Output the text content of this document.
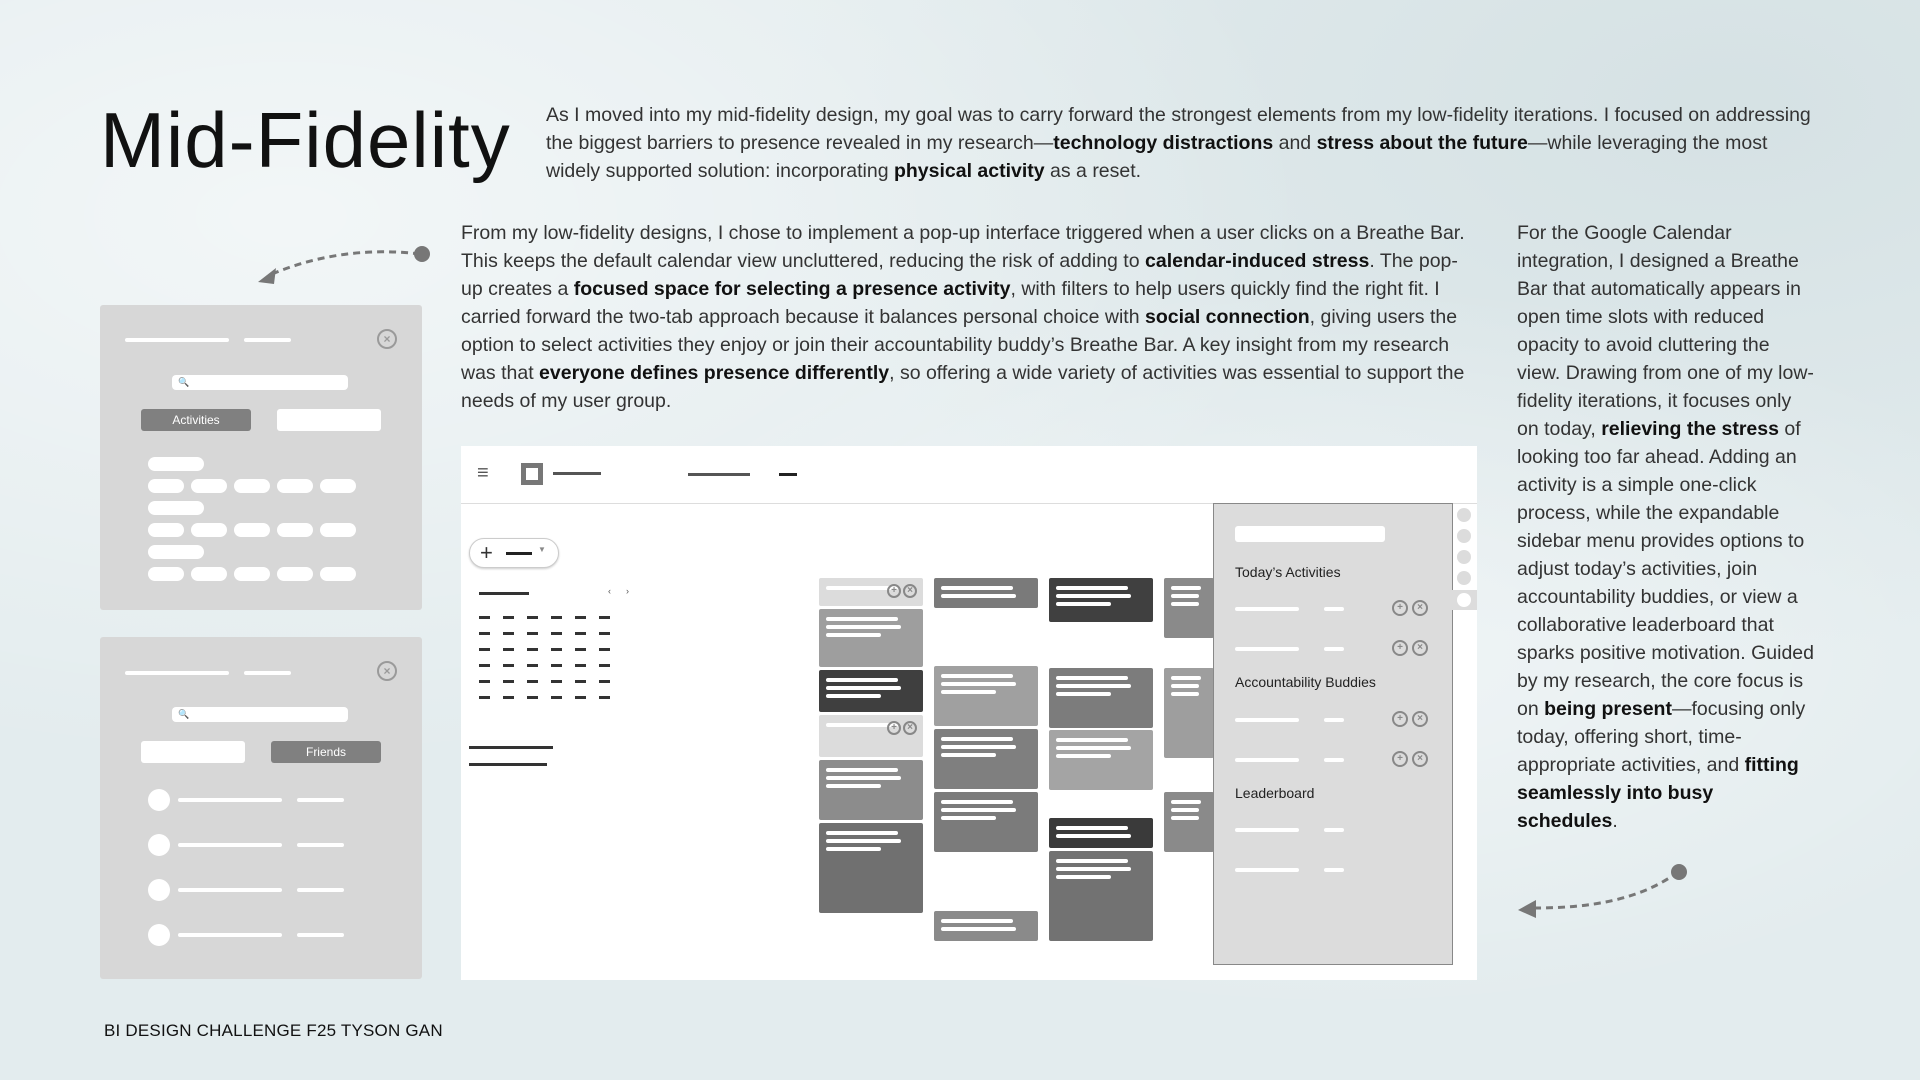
Mid-Fidelity As I moved into my mid-fidelity design, my goal was to carry forward the strongest elements from my low-fidelity iterations. I focused on addressing the biggest barriers to presence revealed in my research—technology distractions and stress about the future—while leveraging the most widely supported solution: incorporating physical activity as a reset.

From my low-fidelity designs, I chose to implement a pop-up interface triggered when a user clicks on a Breathe Bar. This keeps the default calendar view uncluttered, reducing the risk of adding to calendar-induced stress. The pop-up creates a focused space for selecting a presence activity, with filters to help users quickly find the right fit. I carried forward the two-tab approach because it balances personal choice with social connection, giving users the option to select activities they enjoy or join their accountability buddy’s Breathe Bar. A key insight from my research was that everyone defines presence differently, so offering a wide variety of activities was essential to support the needs of my user group.

For the Google Calendar integration, I designed a Breathe Bar that automatically appears in open time slots with reduced opacity to avoid cluttering the view. Drawing from one of my low-fidelity iterations, it focuses only on today, relieving the stress of looking too far ahead. Adding an activity is a simple one-click process, while the expandable sidebar menu provides options to adjust today’s activities, join accountability buddies, or view a collaborative leaderboard that sparks positive motivation. Guided by my research, the core focus is on being present—focusing only today, offering short, time-appropriate activities, and fitting seamlessly into busy schedules.

×
🔍
Activities
×
🔍
Friends
≡
+	▼
‹ ›	+	×
+	×
Today’s Activities
Accountability Buddies
Leaderboard
+	×
+	×
+	×
+	×
BI DESIGN CHALLENGE F25 TYSON GAN
